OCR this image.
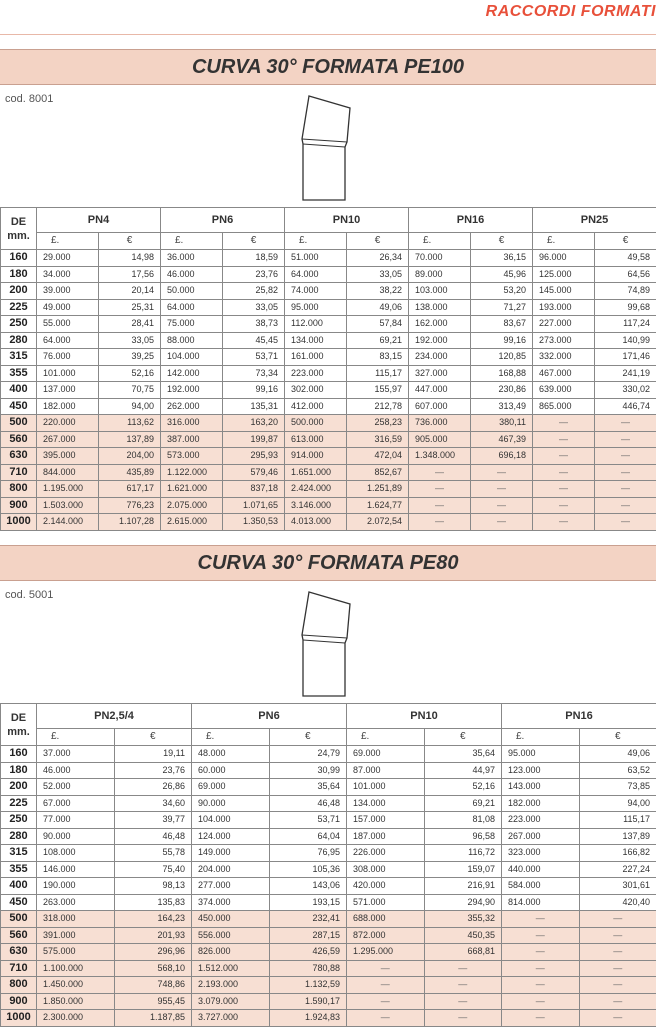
RACCORDI FORMATI
CURVA 30° FORMATA PE100
cod. 8001
DE
mm.	PN4		PN6		PN10		PN16		PN25	
	£.	€	£.	€	£.	€	£.	€	£.	€
160	29.000	14,98	36.000	18,59	51.000	26,34	70.000	36,15	96.000	49,58
180	34.000	17,56	46.000	23,76	64.000	33,05	89.000	45,96	125.000	64,56
200	39.000	20,14	50.000	25,82	74.000	38,22	103.000	53,20	145.000	74,89
225	49.000	25,31	64.000	33,05	95.000	49,06	138.000	71,27	193.000	99,68
250	55.000	28,41	75.000	38,73	112.000	57,84	162.000	83,67	227.000	117,24
280	64.000	33,05	88.000	45,45	134.000	69,21	192.000	99,16	273.000	140,99
315	76.000	39,25	104.000	53,71	161.000	83,15	234.000	120,85	332.000	171,46
355	101.000	52,16	142.000	73,34	223.000	115,17	327.000	168,88	467.000	241,19
400	137.000	70,75	192.000	99,16	302.000	155,97	447.000	230,86	639.000	330,02
450	182.000	94,00	262.000	135,31	412.000	212,78	607.000	313,49	865.000	446,74
500	220.000	113,62	316.000	163,20	500.000	258,23	736.000	380,11	—	—
560	267.000	137,89	387.000	199,87	613.000	316,59	905.000	467,39	—	—
630	395.000	204,00	573.000	295,93	914.000	472,04	1.348.000	696,18	—	—
710	844.000	435,89	1.122.000	579,46	1.651.000	852,67	—	—	—	—
800	1.195.000	617,17	1.621.000	837,18	2.424.000	1.251,89	—	—	—	—
900	1.503.000	776,23	2.075.000	1.071,65	3.146.000	1.624,77	—	—	—	—
1000	2.144.000	1.107,28	2.615.000	1.350,53	4.013.000	2.072,54	—	—	—	—
CURVA 30° FORMATA PE80
cod. 5001
DE
mm.	PN2,5/4		PN6		PN10		PN16	
	£.	€	£.	€	£.	€	£.	€
160	37.000	19,11	48.000	24,79	69.000	35,64	95.000	49,06
180	46.000	23,76	60.000	30,99	87.000	44,97	123.000	63,52
200	52.000	26,86	69.000	35,64	101.000	52,16	143.000	73,85
225	67.000	34,60	90.000	46,48	134.000	69,21	182.000	94,00
250	77.000	39,77	104.000	53,71	157.000	81,08	223.000	115,17
280	90.000	46,48	124.000	64,04	187.000	96,58	267.000	137,89
315	108.000	55,78	149.000	76,95	226.000	116,72	323.000	166,82
355	146.000	75,40	204.000	105,36	308.000	159,07	440.000	227,24
400	190.000	98,13	277.000	143,06	420.000	216,91	584.000	301,61
450	263.000	135,83	374.000	193,15	571.000	294,90	814.000	420,40
500	318.000	164,23	450.000	232,41	688.000	355,32	—	—
560	391.000	201,93	556.000	287,15	872.000	450,35	—	—
630	575.000	296,96	826.000	426,59	1.295.000	668,81	—	—
710	1.100.000	568,10	1.512.000	780,88	—	—	—	—
800	1.450.000	748,86	2.193.000	1.132,59	—	—	—	—
900	1.850.000	955,45	3.079.000	1.590,17	—	—	—	—
1000	2.300.000	1.187,85	3.727.000	1.924,83	—	—	—	—
